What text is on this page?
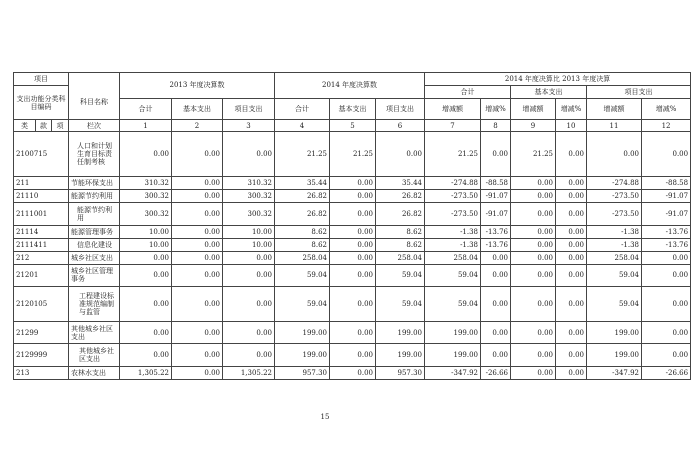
项目				2013 年度决算数			2014 年度决算数			2014 年度决算比 2013 年度决算					
支出功能分类科目编码			科目名称							合计		基本支出		项目支出	
				合计	基本支出	项目支出	合计	基本支出	项目支出	增减额	增减%	增减额	增减%	增减额	增减%
类	款	项	栏次	1	2	3	4	5	6	7	8	9	10	11	12
2100715			人口和计划生育目标责任制考核	0.00	0.00	0.00	21.25	21.25	0.00	21.25	0.00	21.25	0.00	0.00	0.00
211			节能环保支出	310.32	0.00	310.32	35.44	0.00	35.44	-274.88	-88.58	0.00	0.00	-274.88	-88.58
21110			能源节约利用	300.32	0.00	300.32	26.82	0.00	26.82	-273.50	-91.07	0.00	0.00	-273.50	-91.07
2111001			能源节约利用	300.32	0.00	300.32	26.82	0.00	26.82	-273.50	-91.07	0.00	0.00	-273.50	-91.07
21114			能源管理事务	10.00	0.00	10.00	8.62	0.00	8.62	-1.38	-13.76	0.00	0.00	-1.38	-13.76
2111411			信息化建设	10.00	0.00	10.00	8.62	0.00	8.62	-1.38	-13.76	0.00	0.00	-1.38	-13.76
212			城乡社区支出	0.00	0.00	0.00	258.04	0.00	258.04	258.04	0.00	0.00	0.00	258.04	0.00
21201			城乡社区管理事务	0.00	0.00	0.00	59.04	0.00	59.04	59.04	0.00	0.00	0.00	59.04	0.00
2120105			工程建设标准规范编制与监管	0.00	0.00	0.00	59.04	0.00	59.04	59.04	0.00	0.00	0.00	59.04	0.00
21299			其他城乡社区支出	0.00	0.00	0.00	199.00	0.00	199.00	199.00	0.00	0.00	0.00	199.00	0.00
2129999			其他城乡社区支出	0.00	0.00	0.00	199.00	0.00	199.00	199.00	0.00	0.00	0.00	199.00	0.00
213			农林水支出	1,305.22	0.00	1,305.22	957.30	0.00	957.30	-347.92	-26.66	0.00	0.00	-347.92	-26.66
15
